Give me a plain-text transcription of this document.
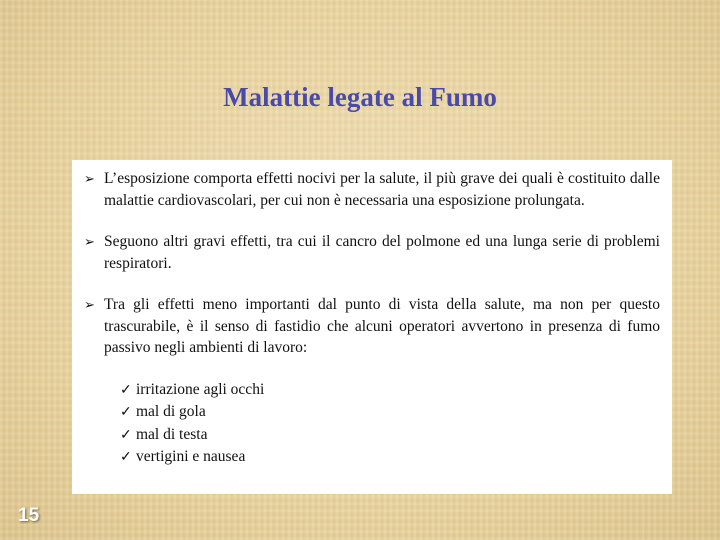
Malattie legate al Fumo
➢ L’esposizione comporta effetti nocivi per la salute, il più grave dei quali è costituito dalle malattie cardiovascolari, per cui non è necessaria una esposizione prolungata.
➢ Seguono altri gravi effetti, tra cui il cancro del polmone ed una lunga serie di problemi respiratori.
➢ Tra gli effetti meno importanti dal punto di vista della salute, ma non per questo trascurabile, è il senso di fastidio che alcuni operatori avvertono in presenza di fumo passivo negli ambienti di lavoro:
✓ irritazione agli occhi
✓ mal di gola
✓ mal di testa
✓ vertigini e nausea
15
